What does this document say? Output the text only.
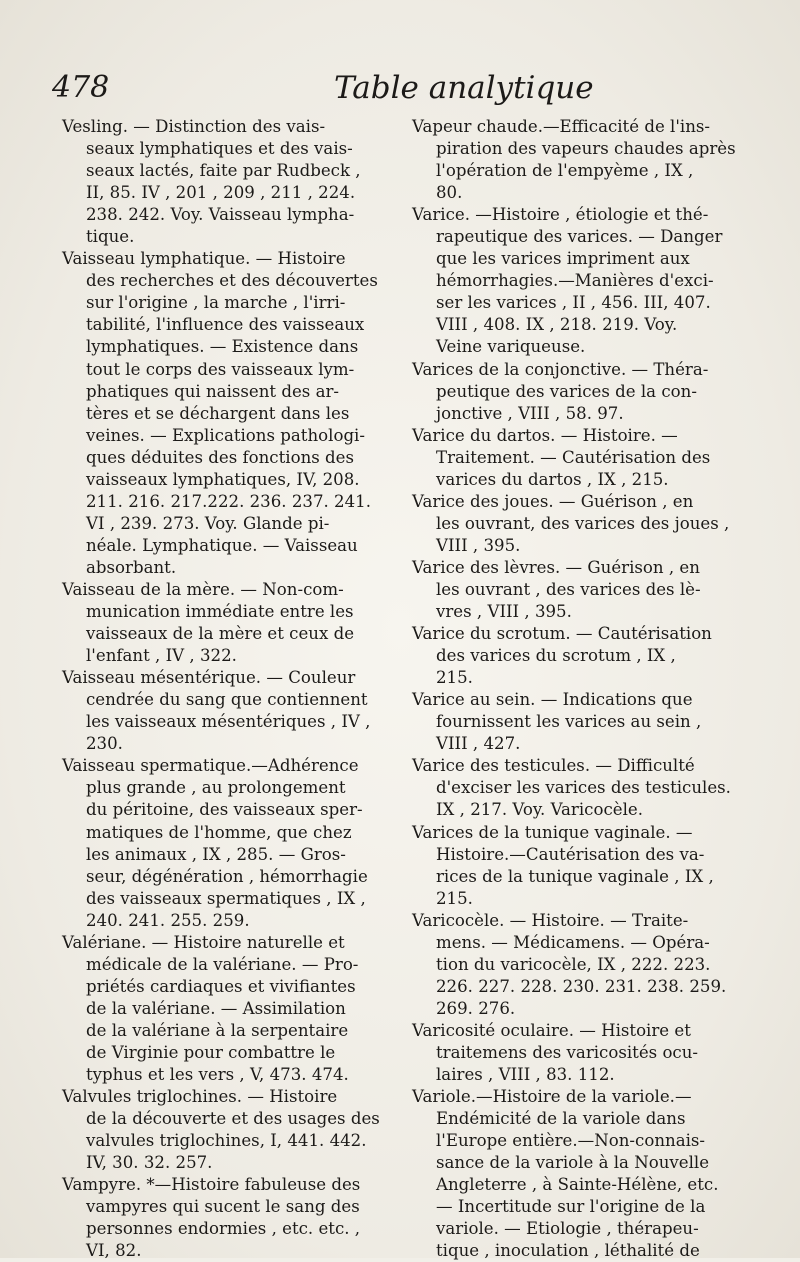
478	Table analytique
Vesling. — Distinction des vais-
seaux lymphatiques et des vais-
seaux lactés, faite par Rudbeck ,
II, 85. IV , 201 , 209 , 211 , 224.
238. 242. Voy. Vaisseau lympha-
tique.
Vaisseau lymphatique. — Histoire
des recherches et des découvertes
sur l'origine , la marche , l'irri-
tabilité, l'influence des vaisseaux
lymphatiques. — Existence dans
tout le corps des vaisseaux lym-
phatiques qui naissent des ar-
tères et se déchargent dans les
veines. — Explications pathologi-
ques déduites des fonctions des
vaisseaux lymphatiques, IV, 208.
211. 216. 217.222. 236. 237. 241.
VI , 239. 273. Voy. Glande pi-
néale. Lymphatique. — Vaisseau
absorbant.
Vaisseau de la mère. — Non-com-
munication immédiate entre les
vaisseaux de la mère et ceux de
l'enfant , IV , 322.
Vaisseau mésentérique. — Couleur
cendrée du sang que contiennent
les vaisseaux mésentériques , IV ,
230.
Vaisseau spermatique.—Adhérence
plus grande , au prolongement
du péritoine, des vaisseaux sper-
matiques de l'homme, que chez
les animaux , IX , 285. — Gros-
seur, dégénération , hémorrhagie
des vaisseaux spermatiques , IX ,
240. 241. 255. 259.
Valériane. — Histoire naturelle et
médicale de la valériane. — Pro-
priétés cardiaques et vivifiantes
de la valériane. — Assimilation
de la valériane à la serpentaire
de Virginie pour combattre le
typhus et les vers , V, 473. 474.
Valvules triglochines. — Histoire
de la découverte et des usages des
valvules triglochines, I, 441. 442.
IV, 30. 32. 257.
Vampyre. *—Histoire fabuleuse des
vampyres qui sucent le sang des
personnes endormies , etc. etc. ,
VI, 82.
Vapeur chaude.—Efficacité de l'ins-
piration des vapeurs chaudes après
l'opération de l'empyème , IX ,
80.
Varice. —Histoire , étiologie et thé-
rapeutique des varices. — Danger
que les varices impriment aux
hémorrhagies.—Manières d'exci-
ser les varices , II , 456. III, 407.
VIII , 408. IX , 218. 219. Voy.
Veine variqueuse.
Varices de la conjonctive. — Théra-
peutique des varices de la con-
jonctive , VIII , 58. 97.
Varice du dartos. — Histoire. —
Traitement. — Cautérisation des
varices du dartos , IX , 215.
Varice des joues. — Guérison , en
les ouvrant, des varices des joues ,
VIII , 395.
Varice des lèvres. — Guérison , en
les ouvrant , des varices des lè-
vres , VIII , 395.
Varice du scrotum. — Cautérisation
des varices du scrotum , IX ,
215.
Varice au sein. — Indications que
fournissent les varices au sein ,
VIII , 427.
Varice des testicules. — Difficulté
d'exciser les varices des testicules.
IX , 217. Voy. Varicocèle.
Varices de la tunique vaginale. —
Histoire.—Cautérisation des va-
rices de la tunique vaginale , IX ,
215.
Varicocèle. — Histoire. — Traite-
mens. — Médicamens. — Opéra-
tion du varicocèle, IX , 222. 223.
226. 227. 228. 230. 231. 238. 259.
269. 276.
Varicosité oculaire. — Histoire et
traitemens des varicosités ocu-
laires , VIII , 83. 112.
Variole.—Histoire de la variole.—
Endémicité de la variole dans
l'Europe entière.—Non-connais-
sance de la variole à la Nouvelle
Angleterre , à Sainte-Hélène, etc.
— Incertitude sur l'origine de la
variole. — Etiologie , thérapeu-
tique , inoculation , léthalité de
